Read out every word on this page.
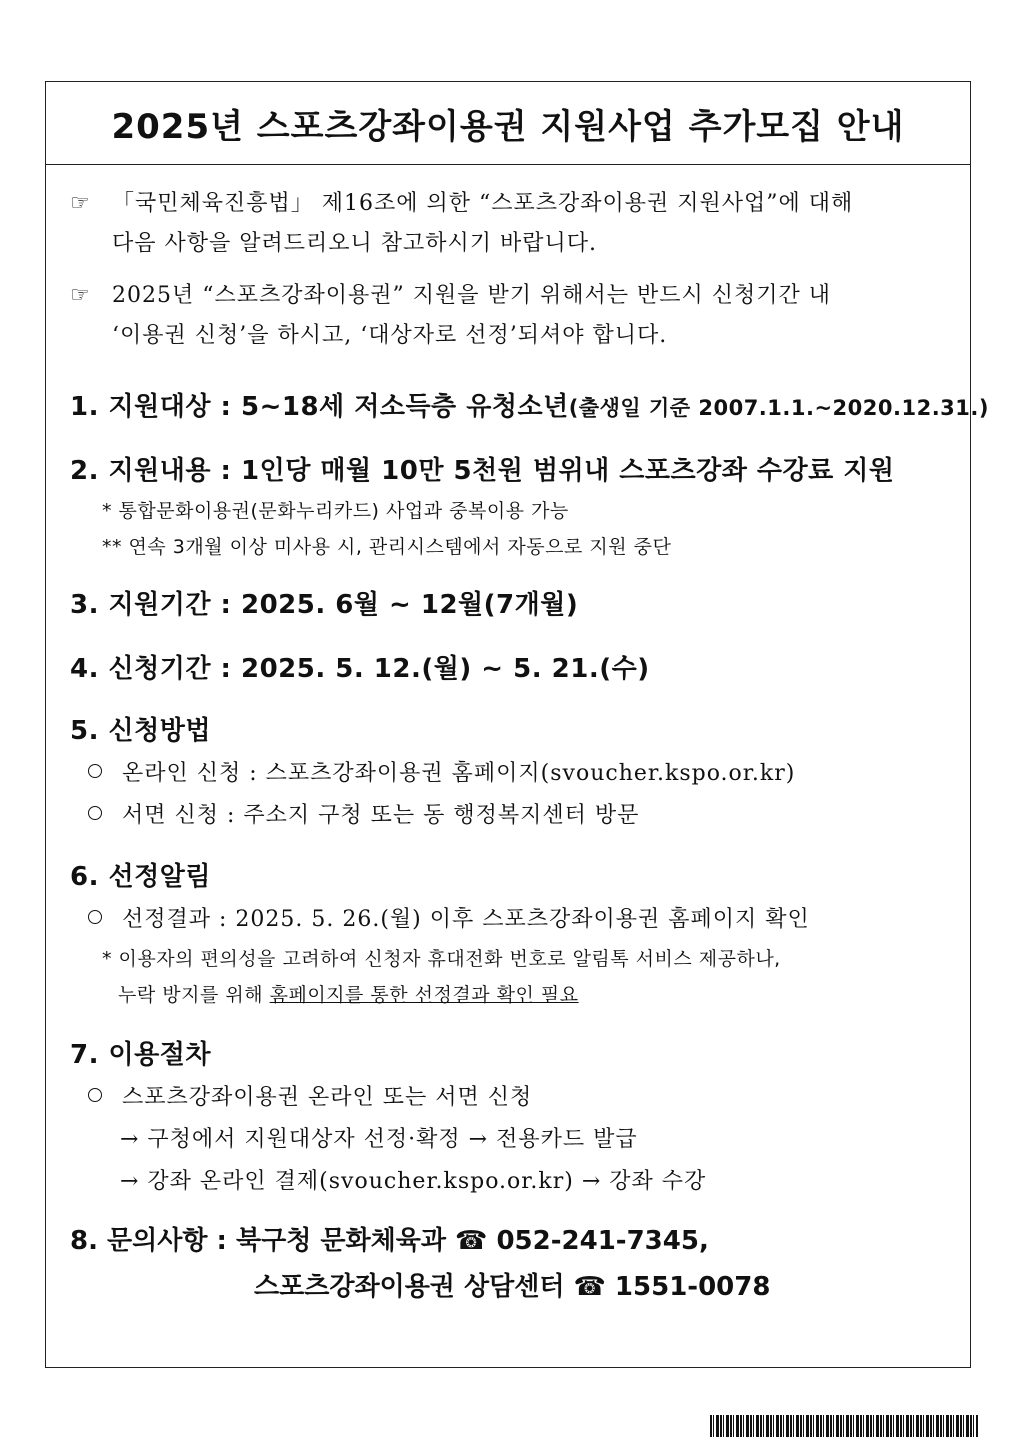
2025년 스포츠강좌이용권 지원사업 추가모집 안내
☞ 「국민체육진흥법」 제16조에 의한 “스포츠강좌이용권 지원사업”에 대해
다음 사항을 알려드리오니 참고하시기 바랍니다.
☞ 2025년 “스포츠강좌이용권” 지원을 받기 위해서는 반드시 신청기간 내
‘이용권 신청’을 하시고, ‘대상자로 선정’되셔야 합니다.
1. 지원대상 : 5~18세 저소득층 유청소년(출생일 기준 2007.1.1.~2020.12.31.)
2. 지원내용 : 1인당 매월 10만 5천원 범위내 스포츠강좌 수강료 지원
* 통합문화이용권(문화누리카드) 사업과 중복이용 가능
** 연속 3개월 이상 미사용 시, 관리시스템에서 자동으로 지원 중단
3. 지원기간 : 2025. 6월 ~ 12월(7개월)
4. 신청기간 : 2025. 5. 12.(월) ~ 5. 21.(수)
5. 신청방법
온라인 신청 : 스포츠강좌이용권 홈페이지(svoucher.kspo.or.kr)
서면 신청 : 주소지 구청 또는 동 행정복지센터 방문
6. 선정알림
선정결과 : 2025. 5. 26.(월) 이후 스포츠강좌이용권 홈페이지 확인
* 이용자의 편의성을 고려하여 신청자 휴대전화 번호로 알림톡 서비스 제공하나,
누락 방지를 위해 홈페이지를 통한 선정결과 확인 필요
7. 이용절차
스포츠강좌이용권 온라인 또는 서면 신청
→ 구청에서 지원대상자 선정·확정 → 전용카드 발급
→ 강좌 온라인 결제(svoucher.kspo.or.kr) → 강좌 수강
8. 문의사항 : 북구청 문화체육과 ☎ 052-241-7345,
스포츠강좌이용권 상담센터 ☎ 1551-0078
